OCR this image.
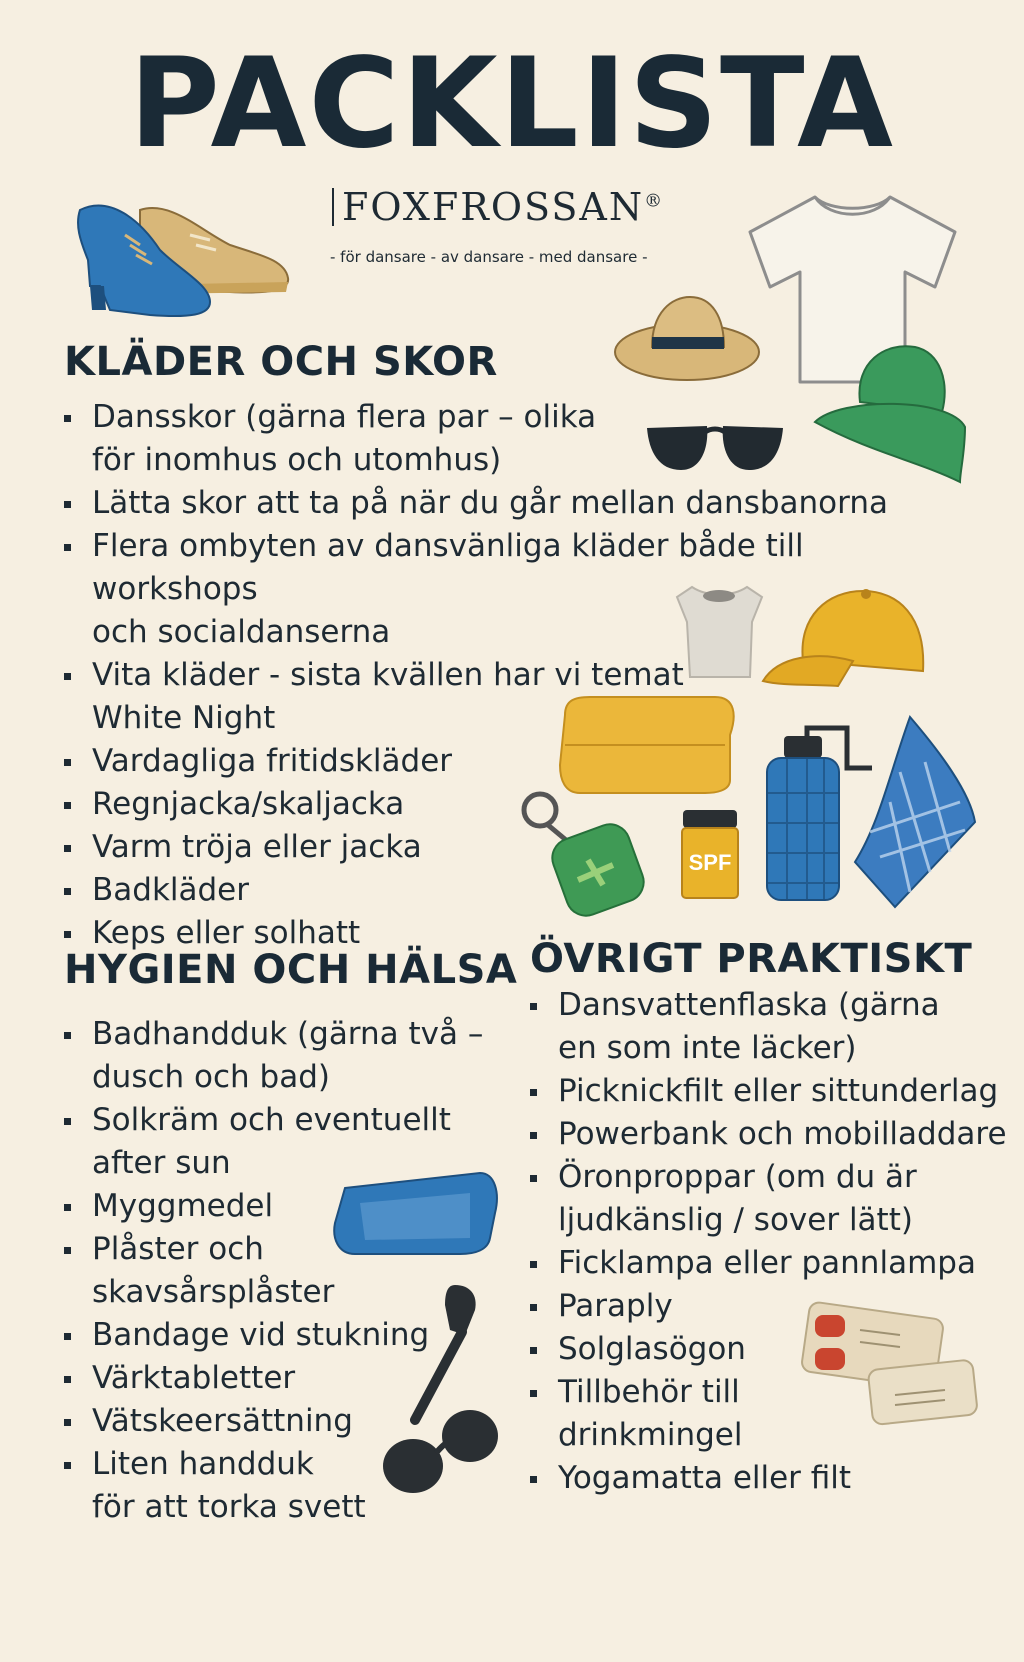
PACKLISTA
FOXFROSSAN®
- för dansare - av dansare - med dansare -
KLÄDER OCH SKOR
Dansskor (gärna flera par – olika
för inomhus och utomhus)
Lätta skor att ta på när du går mellan dansbanorna
Flera ombyten av dansvänliga kläder både till workshops
och socialdanserna
Vita kläder - sista kvällen har vi temat
White Night
Vardagliga fritidskläder
Regnjacka/skaljacka
Varm tröja eller jacka
Badkläder
Keps eller solhatt
HYGIEN OCH HÄLSA
Badhandduk (gärna två –
dusch och bad)
Solkräm och eventuellt
after sun
Myggmedel
Plåster och
skavsårsplåster
Bandage vid stukning
Värktabletter
Vätskeersättning
Liten handduk
för att torka svett
ÖVRIGT PRAKTISKT
Dansvattenflaska (gärna
en som inte läcker)
Picknickfilt eller sittunderlag
Powerbank och mobilladdare
Öronproppar (om du är
ljudkänslig / sover lätt)
Ficklampa eller pannlampa
Paraply
Solglasögon
Tillbehör till
drinkmingel
Yogamatta eller filt
SPF
